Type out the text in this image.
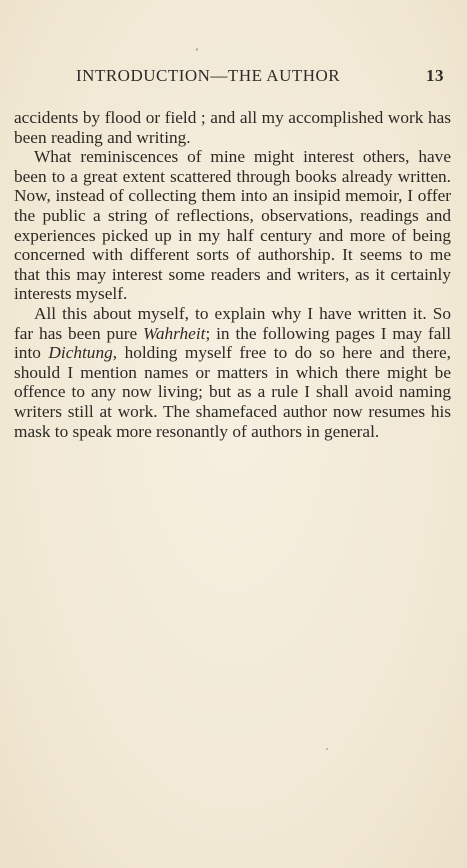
INTRODUCTION—THE AUTHOR	13

accidents by flood or field ; and all my accomplished work has been reading and writing.

What reminiscences of mine might interest others, have been to a great extent scattered through books already written. Now, instead of collecting them into an insipid memoir, I offer the public a string of reflections, observations, readings and experiences picked up in my half century and more of being concerned with different sorts of authorship. It seems to me that this may interest some readers and writers, as it certainly interests myself.

All this about myself, to explain why I have written it. So far has been pure Wahrheit; in the following pages I may fall into Dichtung, holding myself free to do so here and there, should I mention names or matters in which there might be offence to any now living; but as a rule I shall avoid naming writers still at work. The shamefaced author now resumes his mask to speak more resonantly of authors in general.
